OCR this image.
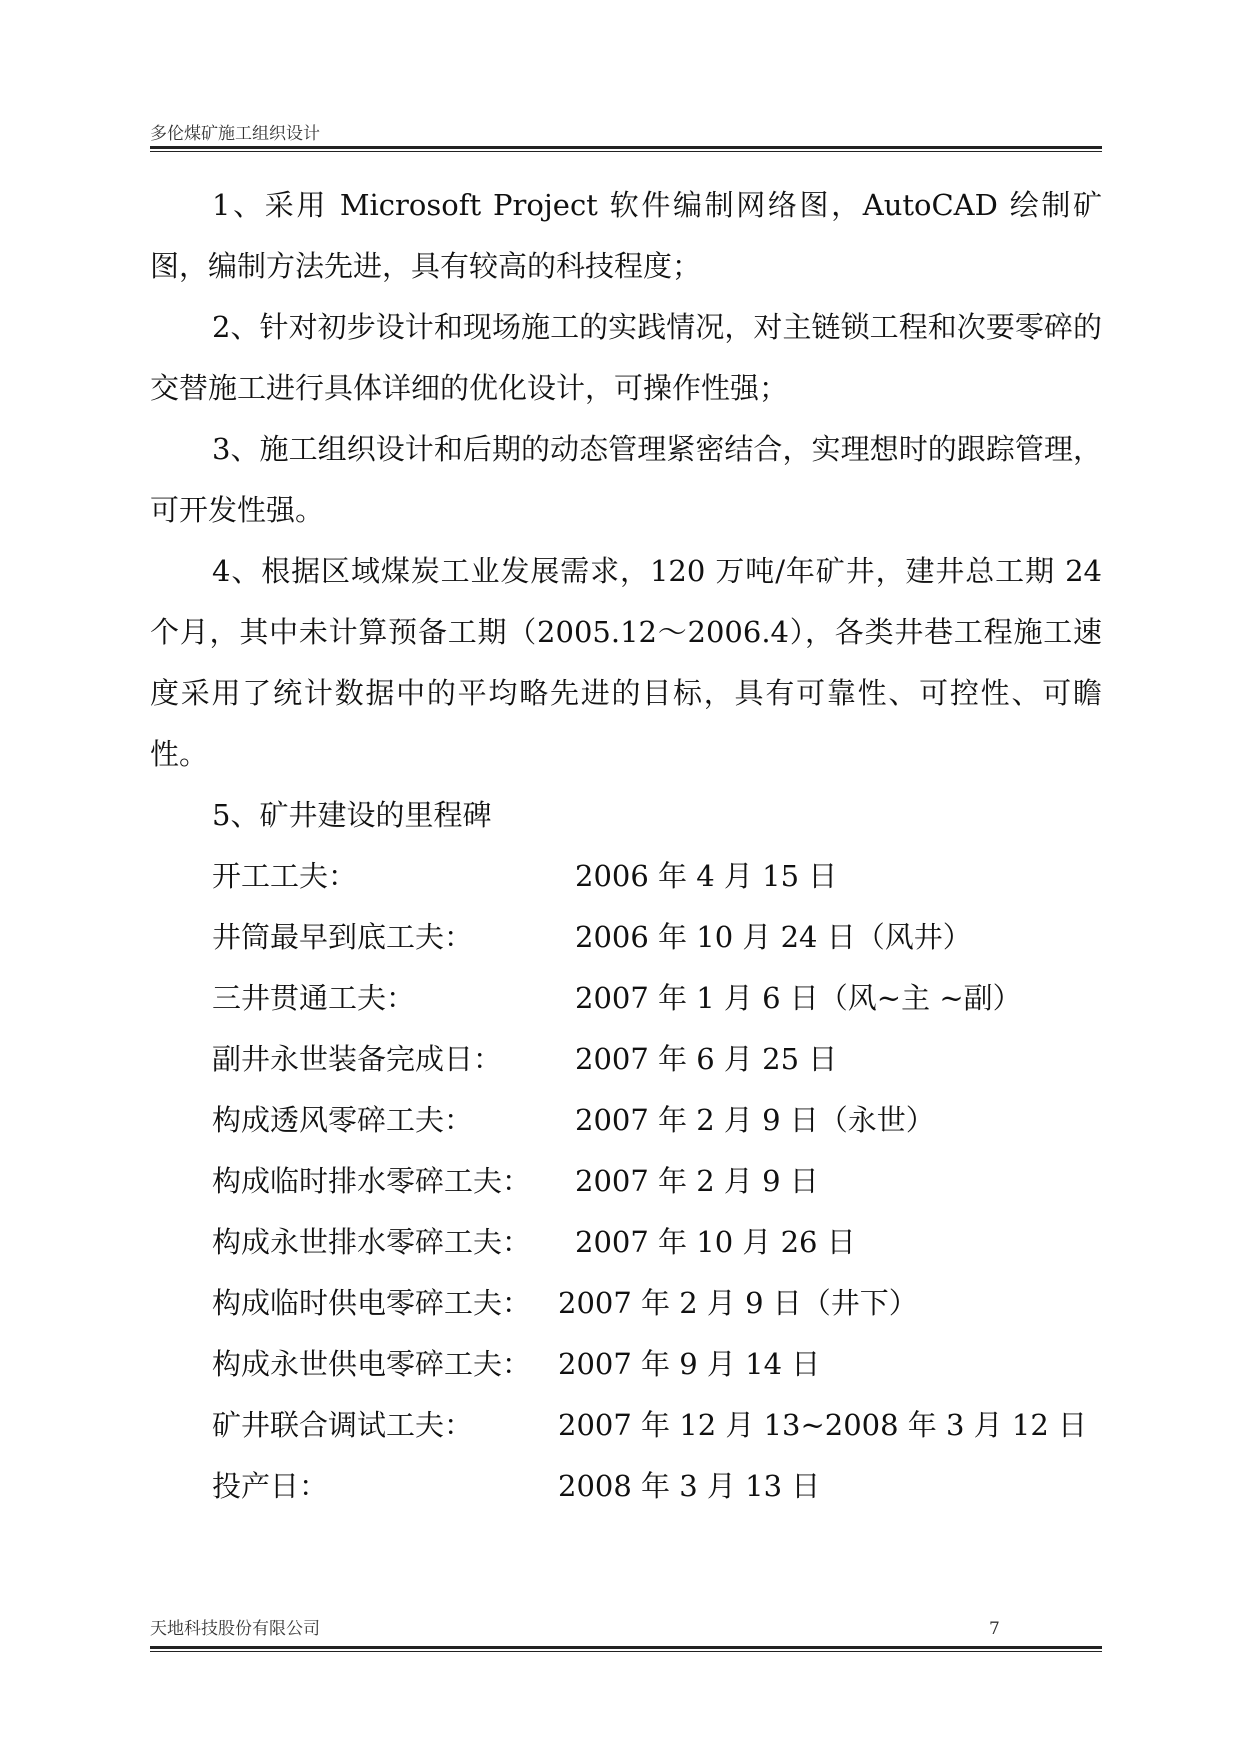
多伦煤矿施工组织设计

1、采用 Microsoft Project 软件编制网络图，AutoCAD 绘制矿图，编制方法先进，具有较高的科技程度；

2、针对初步设计和现场施工的实践情况，对主链锁工程和次要零碎的交替施工进行具体详细的优化设计，可操作性强；

3、施工组织设计和后期的动态管理紧密结合，实理想时的跟踪管理，可开发性强。

4、根据区域煤炭工业发展需求，120 万吨/年矿井，建井总工期 24 个月，其中未计算预备工期（2005.12～2006.4），各类井巷工程施工速度采用了统计数据中的平均略先进的目标，具有可靠性、可控性、可瞻性。

5、矿井建设的里程碑

开工工夫：	2006 年 4 月 15 日
井筒最早到底工夫：	2006 年 10 月 24 日（风井）
三井贯通工夫：	2007 年 1 月 6 日（风~主 ~副）
副井永世装备完成日：	2007 年 6 月 25 日
构成透风零碎工夫：	2007 年 2 月 9 日（永世）
构成临时排水零碎工夫： 2007 年 2 月 9 日
构成永世排水零碎工夫： 2007 年 10 月 26 日
构成临时供电零碎工夫： 2007 年 2 月 9 日（井下）
构成永世供电零碎工夫： 2007 年 9 月 14 日
矿井联合调试工夫：	2007 年 12 月 13~2008 年 3 月 12 日
投产日：	2008 年 3 月 13 日
天地科技股份有限公司	7
